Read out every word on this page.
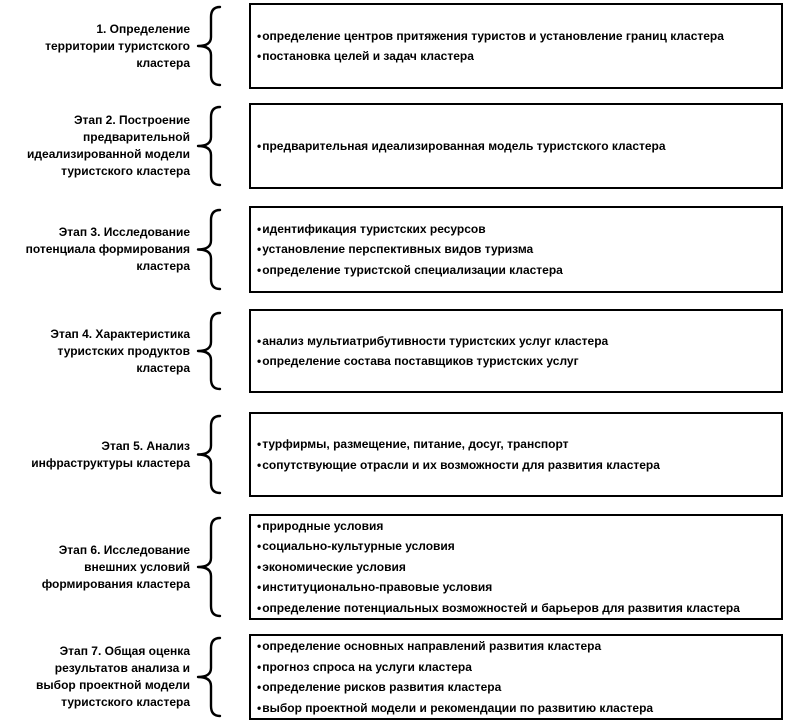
1. Определение
территории туристского
кластера
• определение центров притяжения туристов и установление границ кластера
• постановка целей и задач кластера
Этап 2. Построение
предварительной
идеализированной модели
туристского кластера
• предварительная идеализированная модель туристского кластера
Этап 3. Исследование
потенциала формирования
кластера
• идентификация туристских ресурсов
• установление перспективных видов туризма
• определение туристской специализации кластера
Этап 4. Характеристика
туристских продуктов
кластера
• анализ мультиатрибутивности туристских услуг кластера
• определение состава поставщиков туристских услуг
Этап 5. Анализ
инфраструктуры кластера
• турфирмы, размещение, питание, досуг, транспорт
• сопутствующие отрасли и их возможности для развития кластера
Этап 6. Исследование
внешних условий
формирования кластера
• природные условия
• социально-культурные условия
• экономические условия
• институционально-правовые условия
• определение потенциальных возможностей и барьеров для развития кластера
Этап 7. Общая оценка
результатов анализа и
выбор проектной модели
туристского кластера
• определение основных направлений развития кластера
• прогноз спроса на услуги кластера
• определение рисков развития кластера
• выбор проектной модели и рекомендации по развитию кластера
